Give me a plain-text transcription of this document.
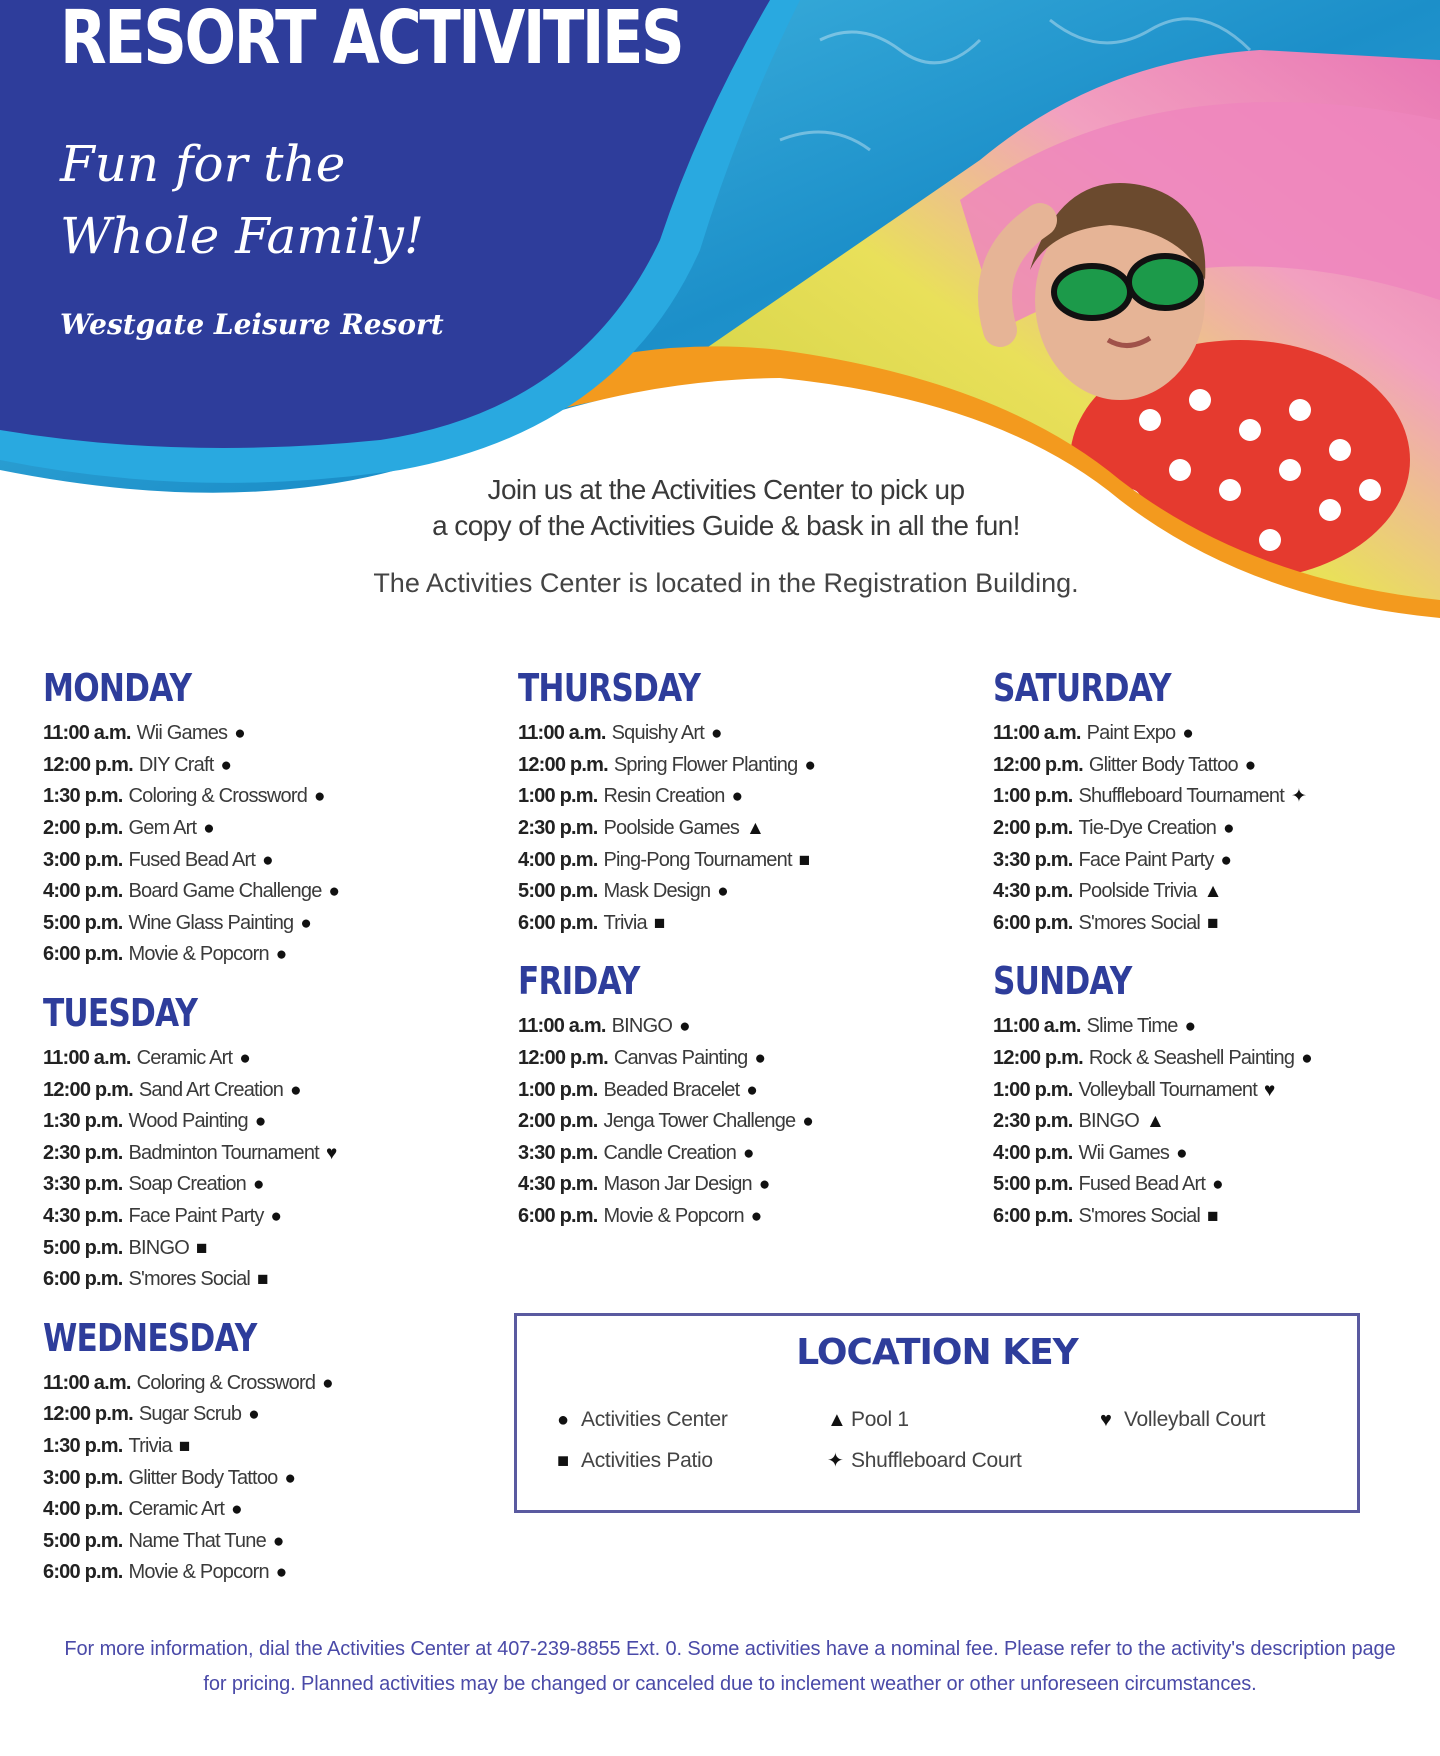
RESORT ACTIVITIES
Fun for the
Whole Family!

Westgate Leisure Resort

Join us at the Activities Center to pick up

a copy of the Activities Guide & bask in all the fun!

The Activities Center is located in the Registration Building.

MONDAY
11:00 a.m. Wii Games ●
12:00 p.m. DIY Craft ●
1:30 p.m. Coloring & Crossword ●
2:00 p.m. Gem Art ●
3:00 p.m. Fused Bead Art ●
4:00 p.m. Board Game Challenge ●
5:00 p.m. Wine Glass Painting ●
6:00 p.m. Movie & Popcorn ●
TUESDAY
11:00 a.m. Ceramic Art ●
12:00 p.m. Sand Art Creation ●
1:30 p.m. Wood Painting ●
2:30 p.m. Badminton Tournament ♥
3:30 p.m. Soap Creation ●
4:30 p.m. Face Paint Party ●
5:00 p.m. BINGO ■
6:00 p.m. S'mores Social ■
WEDNESDAY
11:00 a.m. Coloring & Crossword ●
12:00 p.m. Sugar Scrub ●
1:30 p.m. Trivia ■
3:00 p.m. Glitter Body Tattoo ●
4:00 p.m. Ceramic Art ●
5:00 p.m. Name That Tune ●
6:00 p.m. Movie & Popcorn ●
THURSDAY
11:00 a.m. Squishy Art ●
12:00 p.m. Spring Flower Planting ●
1:00 p.m. Resin Creation ●
2:30 p.m. Poolside Games ▲
4:00 p.m. Ping-Pong Tournament ■
5:00 p.m. Mask Design ●
6:00 p.m. Trivia ■
FRIDAY
11:00 a.m. BINGO ●
12:00 p.m. Canvas Painting ●
1:00 p.m. Beaded Bracelet ●
2:00 p.m. Jenga Tower Challenge ●
3:30 p.m. Candle Creation ●
4:30 p.m. Mason Jar Design ●
6:00 p.m. Movie & Popcorn ●
SATURDAY
11:00 a.m. Paint Expo ●
12:00 p.m. Glitter Body Tattoo ●
1:00 p.m. Shuffleboard Tournament ✦
2:00 p.m. Tie-Dye Creation ●
3:30 p.m. Face Paint Party ●
4:30 p.m. Poolside Trivia ▲
6:00 p.m. S'mores Social ■
SUNDAY
11:00 a.m. Slime Time ●
12:00 p.m. Rock & Seashell Painting ●
1:00 p.m. Volleyball Tournament ♥
2:30 p.m. BINGO ▲
4:00 p.m. Wii Games ●
5:00 p.m. Fused Bead Art ●
6:00 p.m. S'mores Social ■
LOCATION KEY
● Activities Center
■ Activities Patio
▲ Pool 1
✦ Shuffleboard Court
♥ Volleyball Court

For more information, dial the Activities Center at 407-239-8855 Ext. 0. Some activities have a nominal fee. Please refer to the activity's description page for pricing. Planned activities may be changed or canceled due to inclement weather or other unforeseen circumstances.
